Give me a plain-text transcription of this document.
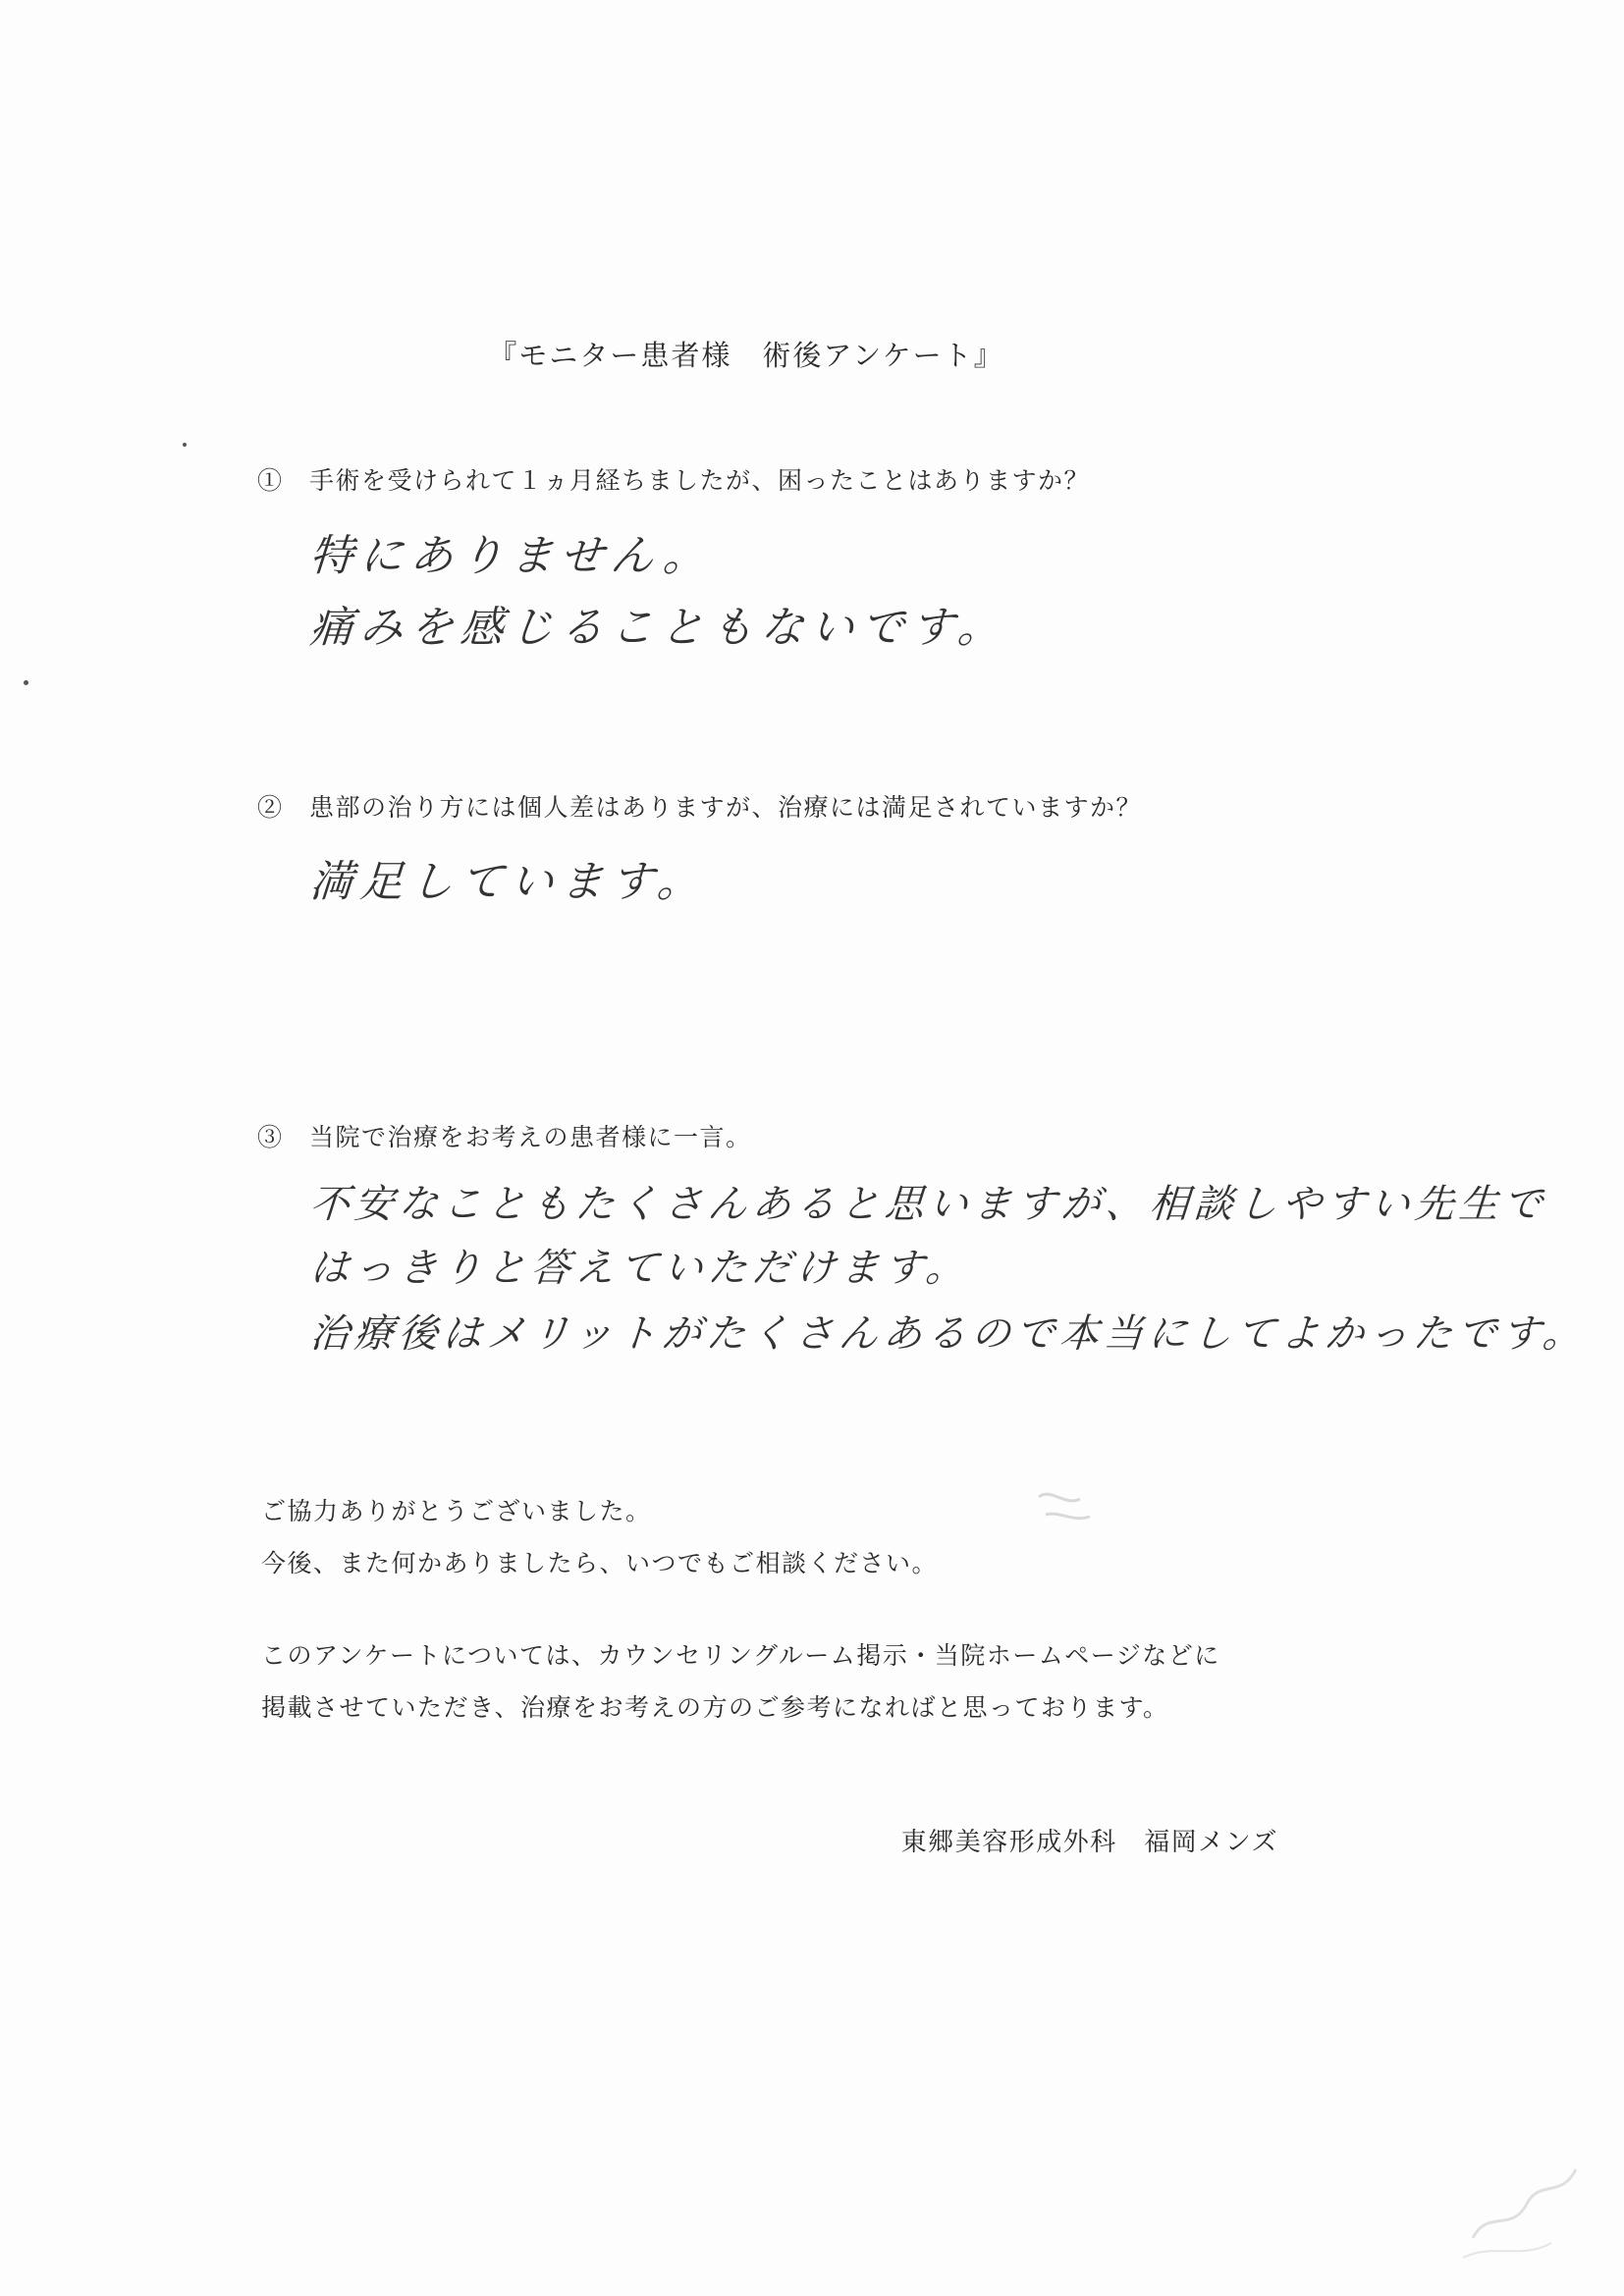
『モニター患者様　術後アンケート』
①　手術を受けられて１ヵ月経ちましたが、困ったことはありますか？
特にありません。
痛みを感じることもないです。
②　患部の治り方には個人差はありますが、治療には満足されていますか？
満足しています。
③　当院で治療をお考えの患者様に一言。
不安なこともたくさんあると思いますが、相談しやすい先生で
はっきりと答えていただけます。
治療後はメリットがたくさんあるので本当にしてよかったです。
ご協力ありがとうございました。
今後、また何かありましたら、いつでもご相談ください。
このアンケートについては、カウンセリングルーム掲示・当院ホームページなどに
掲載させていただき、治療をお考えの方のご参考になればと思っております。
東郷美容形成外科　福岡メンズ
